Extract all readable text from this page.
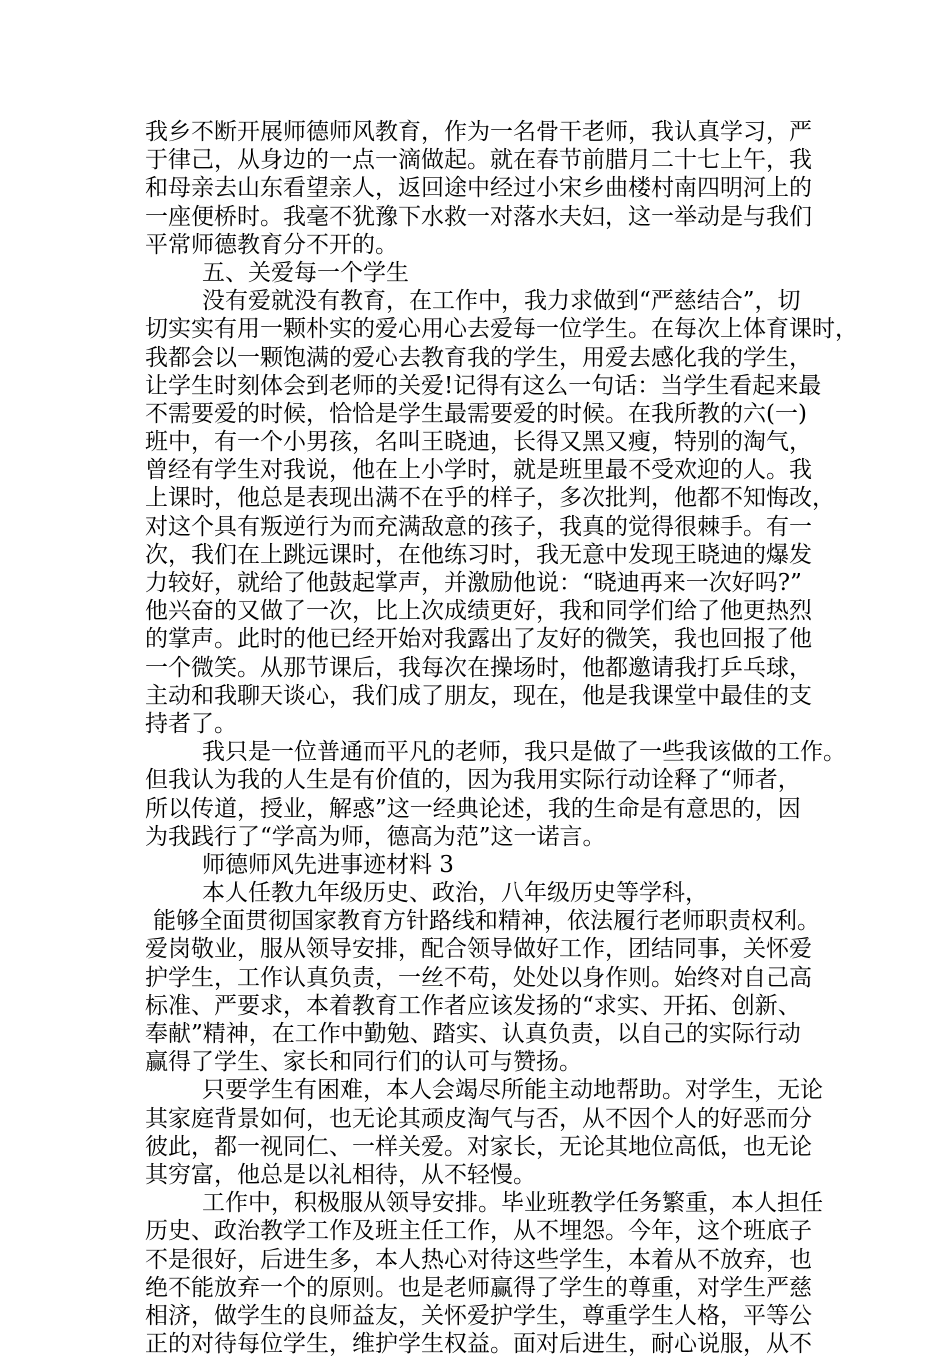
我乡不断开展师德师风教育，作为一名骨干老师，我认真学习，严
于律己，从身边的一点一滴做起。就在春节前腊月二十七上午，我
和母亲去山东看望亲人，返回途中经过小宋乡曲楼村南四明河上的
一座便桥时。我毫不犹豫下水救一对落水夫妇，这一举动是与我们
平常师德教育分不开的。
五、关爱每一个学生
没有爱就没有教育，在工作中，我力求做到“严慈结合”，切
切实实有用一颗朴实的爱心用心去爱每一位学生。在每次上体育课时，
我都会以一颗饱满的爱心去教育我的学生，用爱去感化我的学生，
让学生时刻体会到老师的关爱!记得有这么一句话：当学生看起来最
不需要爱的时候，恰恰是学生最需要爱的时候。在我所教的六(一)
班中，有一个小男孩，名叫王晓迪，长得又黑又瘦，特别的淘气，
曾经有学生对我说，他在上小学时，就是班里最不受欢迎的人。我
上课时，他总是表现出满不在乎的样子，多次批判，他都不知悔改，
对这个具有叛逆行为而充满敌意的孩子，我真的觉得很棘手。有一
次，我们在上跳远课时，在他练习时，我无意中发现王晓迪的爆发
力较好，就给了他鼓起掌声，并激励他说：“晓迪再来一次好吗?”
他兴奋的又做了一次，比上次成绩更好，我和同学们给了他更热烈
的掌声。此时的他已经开始对我露出了友好的微笑，我也回报了他
一个微笑。从那节课后，我每次在操场时，他都邀请我打乒乓球，
主动和我聊天谈心，我们成了朋友，现在，他是我课堂中最佳的支
持者了。
我只是一位普通而平凡的老师，我只是做了一些我该做的工作。
但我认为我的人生是有价值的，因为我用实际行动诠释了“师者，
所以传道，授业，解惑”这一经典论述，我的生命是有意思的，因
为我践行了“学高为师，德高为范”这一诺言。
师德师风先进事迹材料 3
本人任教九年级历史、政治，八年级历史等学科，
能够全面贯彻国家教育方针路线和精神，依法履行老师职责权利。
爱岗敬业，服从领导安排，配合领导做好工作，团结同事，关怀爱
护学生，工作认真负责，一丝不苟，处处以身作则。始终对自己高
标准、严要求，本着教育工作者应该发扬的“求实、开拓、创新、
奉献”精神，在工作中勤勉、踏实、认真负责，以自己的实际行动
赢得了学生、家长和同行们的认可与赞扬。
只要学生有困难，本人会竭尽所能主动地帮助。对学生，无论
其家庭背景如何，也无论其顽皮淘气与否，从不因个人的好恶而分
彼此，都一视同仁、一样关爱。对家长，无论其地位高低，也无论
其穷富，他总是以礼相待，从不轻慢。
工作中，积极服从领导安排。毕业班教学任务繁重，本人担任
历史、政治教学工作及班主任工作，从不埋怨。今年，这个班底子
不是很好，后进生多，本人热心对待这些学生，本着从不放弃，也
绝不能放弃一个的原则。也是老师赢得了学生的尊重，对学生严慈
相济，做学生的良师益友，关怀爱护学生，尊重学生人格，平等公
正的对待每位学生，维护学生权益。面对后进生，耐心说服，从不
